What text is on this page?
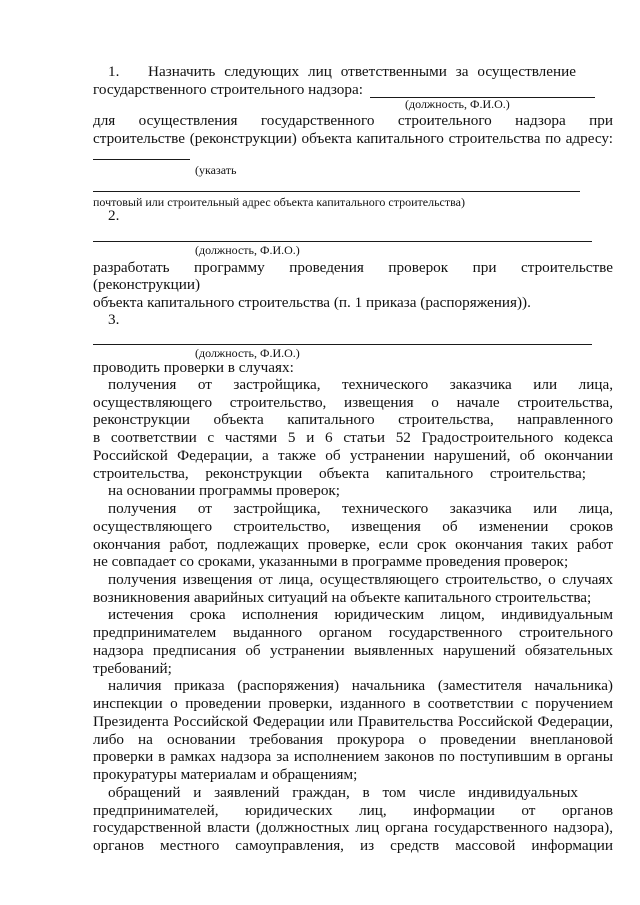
1. Назначить следующих лиц ответственными за осуществление
государственного строительного надзора:
(должность, Ф.И.О.)
для осуществления государственного строительного надзора при
строительстве (реконструкции) объекта капитального строительства по адресу:
(указать
почтовый или строительный адрес объекта капитального строительства)
2.
(должность, Ф.И.О.)
разработать программу проведения проверок при строительстве
(реконструкции)
объекта капитального строительства (п. 1 приказа (распоряжения)).
3.
(должность, Ф.И.О.)
проводить проверки в случаях:
получения от застройщика, технического заказчика или лица,
осуществляющего строительство, извещения о начале строительства,
реконструкции объекта капитального строительства, направленного
в соответствии с частями 5 и 6 статьи 52 Градостроительного кодекса
Российской Федерации, а также об устранении нарушений, об окончании
строительства, реконструкции объекта капитального строительства;
на основании программы проверок;
получения от застройщика, технического заказчика или лица,
осуществляющего строительство, извещения об изменении сроков
окончания работ, подлежащих проверке, если срок окончания таких работ
не совпадает со сроками, указанными в программе проведения проверок;
получения извещения от лица, осуществляющего строительство, о случаях
возникновения аварийных ситуаций на объекте капитального строительства;
истечения срока исполнения юридическим лицом, индивидуальным
предпринимателем выданного органом государственного строительного
надзора предписания об устранении выявленных нарушений обязательных
требований;
наличия приказа (распоряжения) начальника (заместителя начальника)
инспекции о проведении проверки, изданного в соответствии с поручением
Президента Российской Федерации или Правительства Российской Федерации,
либо на основании требования прокурора о проведении внеплановой
проверки в рамках надзора за исполнением законов по поступившим в органы
прокуратуры материалам и обращениям;
обращений и заявлений граждан, в том числе индивидуальных
предпринимателей, юридических лиц, информации от органов
государственной власти (должностных лиц органа государственного надзора),
органов местного самоуправления, из средств массовой информации
